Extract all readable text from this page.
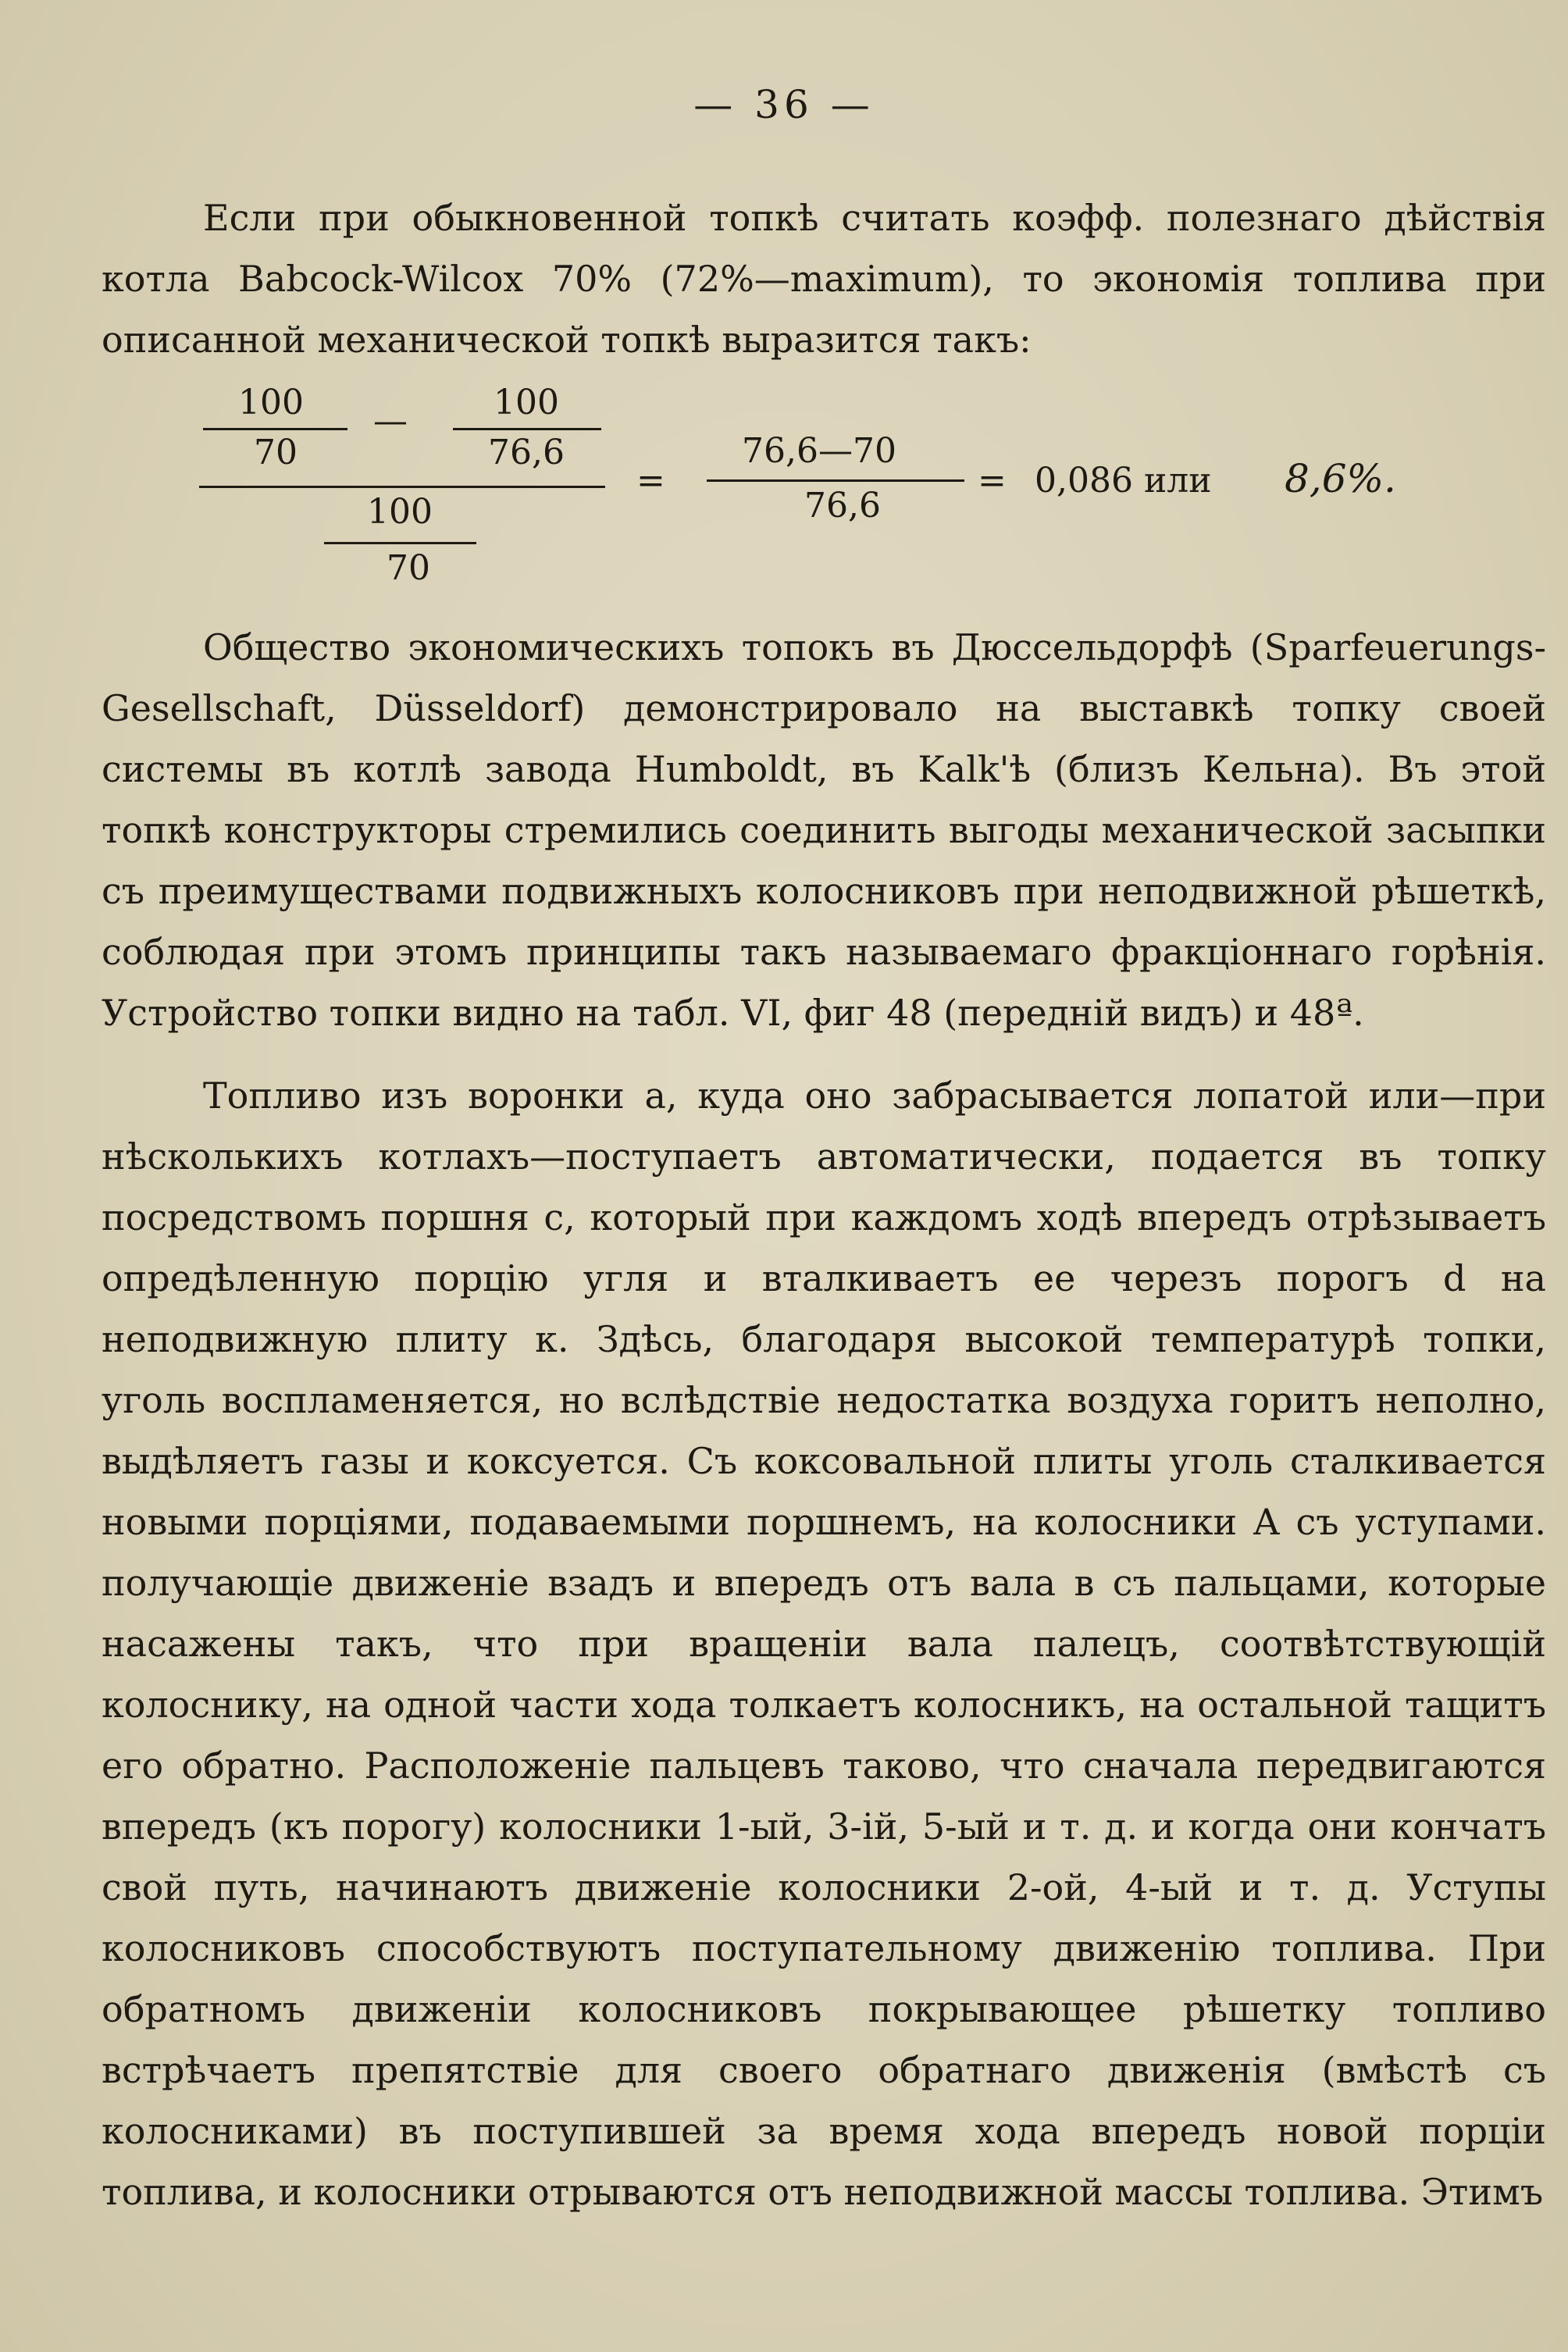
— 36 —

Если при обыкновенной топкѣ считать коэфф. полезнаго дѣйствія котла Babcock-Wilcox 70% (72%—maximum), то экономія топлива при описанной механической топкѣ выразится такъ:

100
70
—	100
76,6
100
70
=
76,6—70
76,6
= 0,086 или 8,6%.

Общество экономическихъ топокъ въ Дюссельдорфѣ (Sparfeuerungs-Gesellschaft, Düsseldorf) демонстрировало на выставкѣ топку своей системы въ котлѣ завода Humboldt, въ Kalk'ѣ (близъ Кельна). Въ этой топкѣ конструкторы стремились соединить выгоды механической засыпки съ преимуществами подвижныхъ колосниковъ при неподвижной рѣшеткѣ, соблюдая при этомъ принципы такъ называемаго фракціоннаго горѣнія. Устройство топки видно на табл. VI, фиг 48 (передній видъ) и 48ª.

Топливо изъ воронки a, куда оно забрасывается лопатой или—при нѣсколькихъ котлахъ—поступаетъ автоматически, подается въ топку посредствомъ поршня c, который при каждомъ ходѣ впередъ отрѣзываетъ опредѣленную порцію угля и вталкиваетъ ее черезъ порогъ d на неподвижную плиту к. Здѣсь, благодаря высокой температурѣ топки, уголь воспламеняется, но вслѣдствіе недостатка воздуха горитъ неполно, выдѣляетъ газы и коксуется. Съ коксовальной плиты уголь сталкивается новыми порціями, подаваемыми поршнемъ, на колосники A съ уступами. получающіе движеніе взадъ и впередъ отъ вала в съ пальцами, которые насажены такъ, что при вращеніи вала палецъ, соотвѣтствующій колоснику, на одной части хода толкаетъ колосникъ, на остальной тащитъ его обратно. Расположеніе пальцевъ таково, что сначала передвигаются впередъ (къ порогу) колосники 1-ый, 3-ій, 5-ый и т. д. и когда они кончатъ свой путь, начинаютъ движеніе колосники 2-ой, 4-ый и т. д. Уступы колосниковъ способствуютъ поступательному движенію топлива. При обратномъ движеніи колосниковъ покрывающее рѣшетку топливо встрѣчаетъ препятствіе для своего обратнаго движенія (вмѣстѣ съ колосниками) въ поступившей за время хода впередъ новой порціи топлива, и колосники отрываются отъ неподвижной массы топлива. Этимъ
